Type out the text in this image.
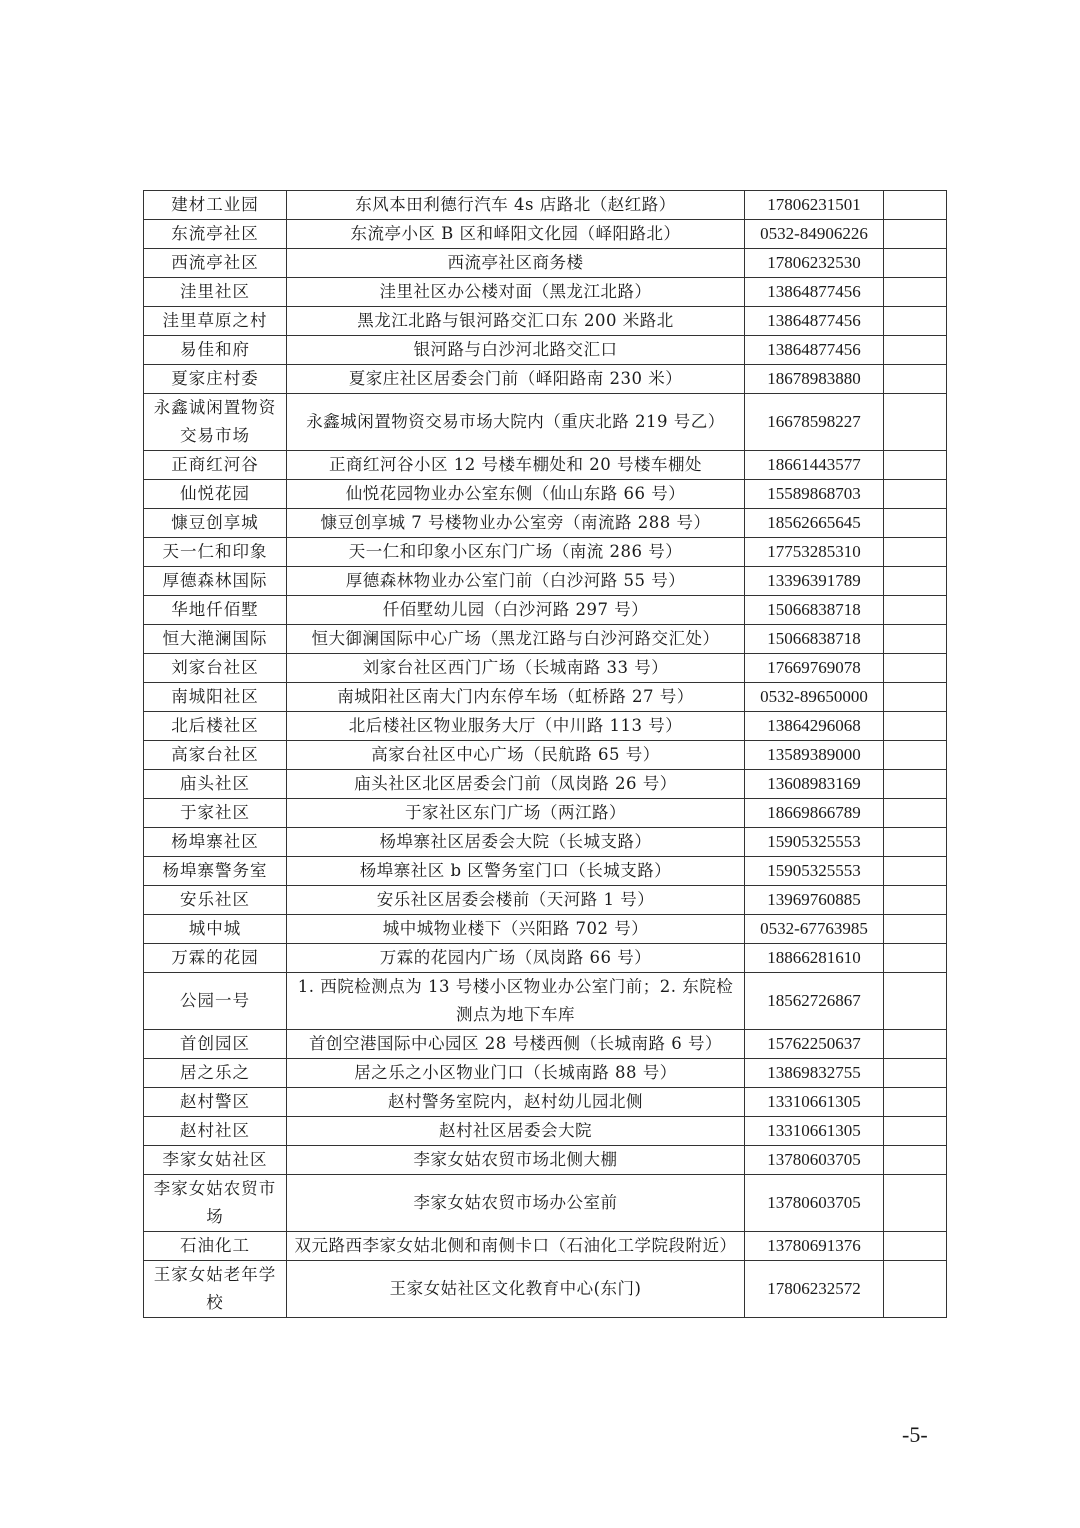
建材工业园	东风本田利德行汽车 4s 店路北（赵红路）	17806231501	
东流亭社区	东流亭小区 B 区和峄阳文化园（峄阳路北）	0532-84906226	
西流亭社区	西流亭社区商务楼	17806232530	
洼里社区	洼里社区办公楼对面（黑龙江北路）	13864877456	
洼里草原之村	黑龙江北路与银河路交汇口东 200 米路北	13864877456	
易佳和府	银河路与白沙河北路交汇口	13864877456	
夏家庄村委	夏家庄社区居委会门前（峄阳路南 230 米）	18678983880	
永鑫诚闲置物资交易市场	永鑫城闲置物资交易市场大院内（重庆北路 219 号乙）	16678598227	
正商红河谷	正商红河谷小区 12 号楼车棚处和 20 号楼车棚处	18661443577	
仙悦花园	仙悦花园物业办公室东侧（仙山东路 66 号）	15589868703	
慷豆创享城	慷豆创享城 7 号楼物业办公室旁（南流路 288 号）	18562665645	
天一仁和印象	天一仁和印象小区东门广场（南流 286 号）	17753285310	
厚德森林国际	厚德森林物业办公室门前（白沙河路 55 号）	13396391789	
华地仟佰墅	仟佰墅幼儿园（白沙河路 297 号）	15066838718	
恒大滟澜国际	恒大御澜国际中心广场（黑龙江路与白沙河路交汇处）	15066838718	
刘家台社区	刘家台社区西门广场（长城南路 33 号）	17669769078	
南城阳社区	南城阳社区南大门内东停车场（虹桥路 27 号）	0532-89650000	
北后楼社区	北后楼社区物业服务大厅（中川路 113 号）	13864296068	
高家台社区	高家台社区中心广场（民航路 65 号）	13589389000	
庙头社区	庙头社区北区居委会门前（凤岗路 26 号）	13608983169	
于家社区	于家社区东门广场（两江路）	18669866789	
杨埠寨社区	杨埠寨社区居委会大院（长城支路）	15905325553	
杨埠寨警务室	杨埠寨社区 b 区警务室门口（长城支路）	15905325553	
安乐社区	安乐社区居委会楼前（天河路 1 号）	13969760885	
城中城	城中城物业楼下（兴阳路 702 号）	0532-67763985	
万霖的花园	万霖的花园内广场（凤岗路 66 号）	18866281610	
公园一号	1. 西院检测点为 13 号楼小区物业办公室门前；2. 东院检测点为地下车库	18562726867	
首创园区	首创空港国际中心园区 28 号楼西侧（长城南路 6 号）	15762250637	
居之乐之	居之乐之小区物业门口（长城南路 88 号）	13869832755	
赵村警区	赵村警务室院内，赵村幼儿园北侧	13310661305	
赵村社区	赵村社区居委会大院	13310661305	
李家女姑社区	李家女姑农贸市场北侧大棚	13780603705	
李家女姑农贸市场	李家女姑农贸市场办公室前	13780603705	
石油化工	双元路西李家女姑北侧和南侧卡口（石油化工学院段附近）	13780691376	
王家女姑老年学校	王家女姑社区文化教育中心(东门)	17806232572	
-5-
